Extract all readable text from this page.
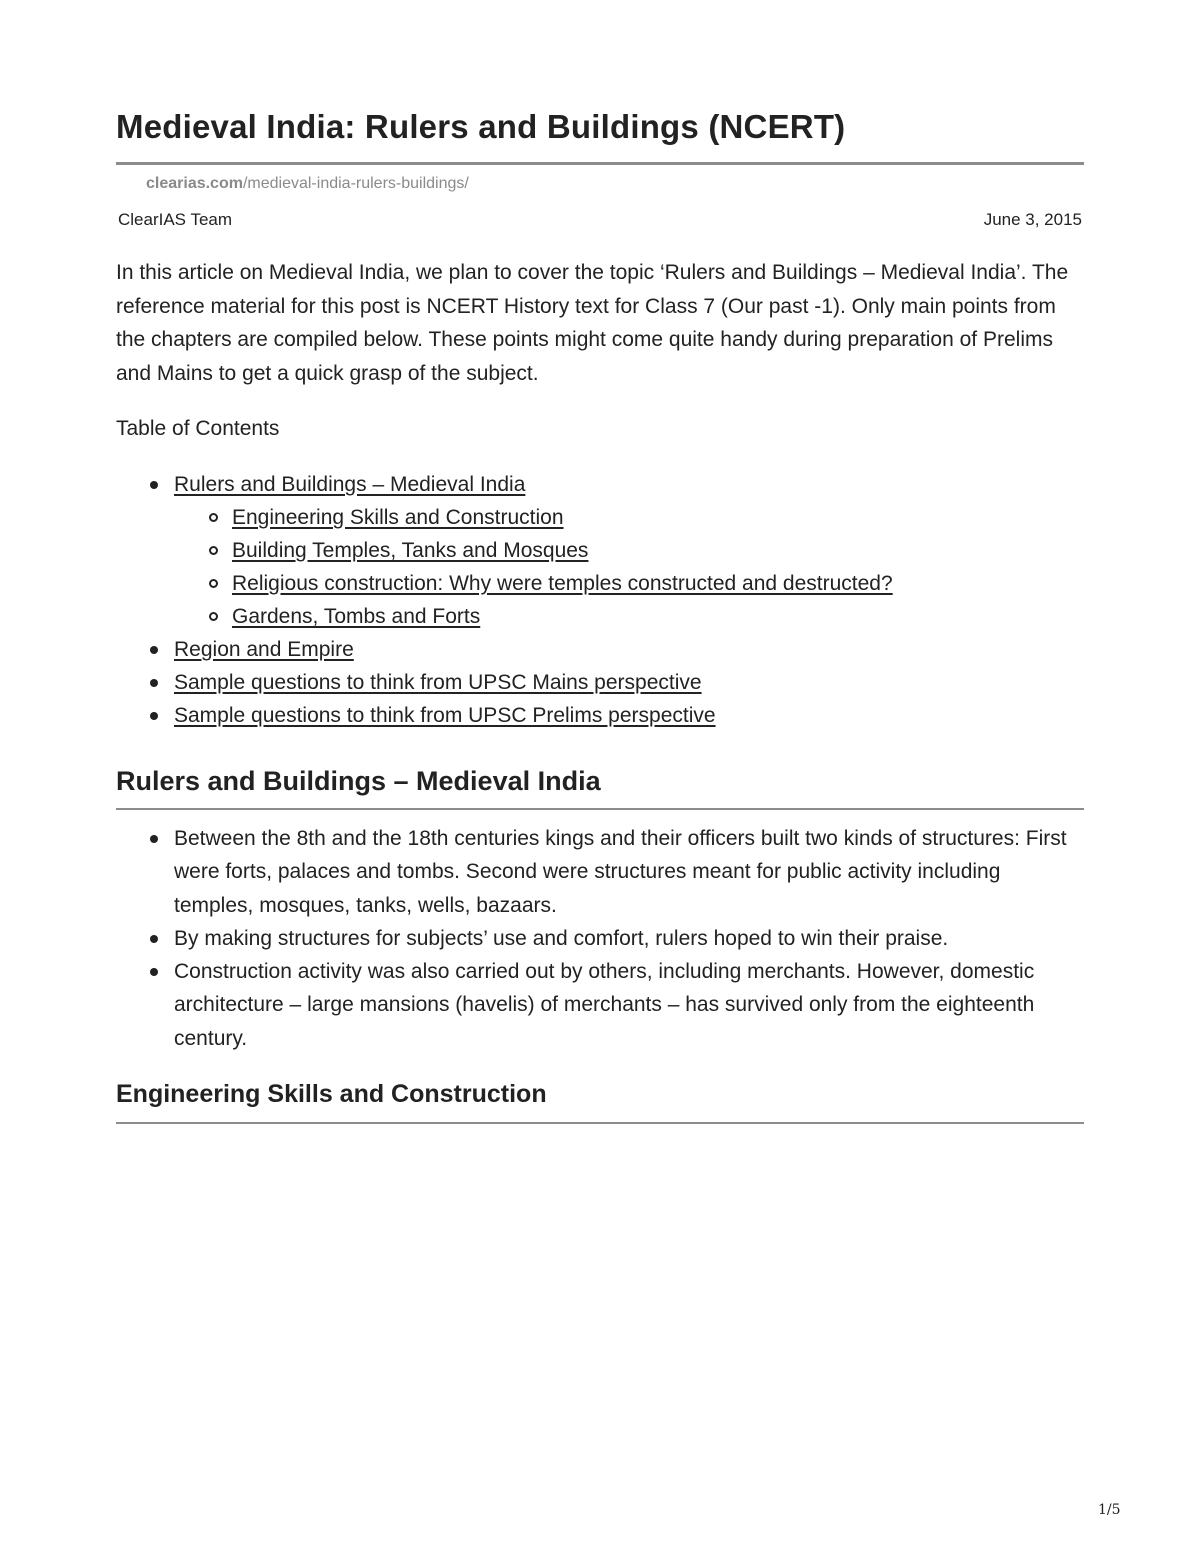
Medieval India: Rulers and Buildings (NCERT)
clearias.com/medieval-india-rulers-buildings/
ClearIAS Team	June 3, 2015

In this article on Medieval India, we plan to cover the topic ‘Rulers and Buildings – Medieval India’. The reference material for this post is NCERT History text for Class 7 (Our past -1). Only main points from the chapters are compiled below. These points might come quite handy during preparation of Prelims and Mains to get a quick grasp of the subject.

Table of Contents

Rulers and Buildings – Medieval India
Engineering Skills and Construction
Building Temples, Tanks and Mosques
Religious construction: Why were temples constructed and destructed?
Gardens, Tombs and Forts
Region and Empire
Sample questions to think from UPSC Mains perspective
Sample questions to think from UPSC Prelims perspective
Rulers and Buildings – Medieval India
Between the 8th and the 18th centuries kings and their officers built two kinds of structures: First were forts, palaces and tombs. Second were structures meant for public activity including temples, mosques, tanks, wells, bazaars.
By making structures for subjects’ use and comfort, rulers hoped to win their praise.
Construction activity was also carried out by others, including merchants. However, domestic architecture – large mansions (havelis) of merchants – has survived only from the eighteenth century.
Engineering Skills and Construction
1/5
